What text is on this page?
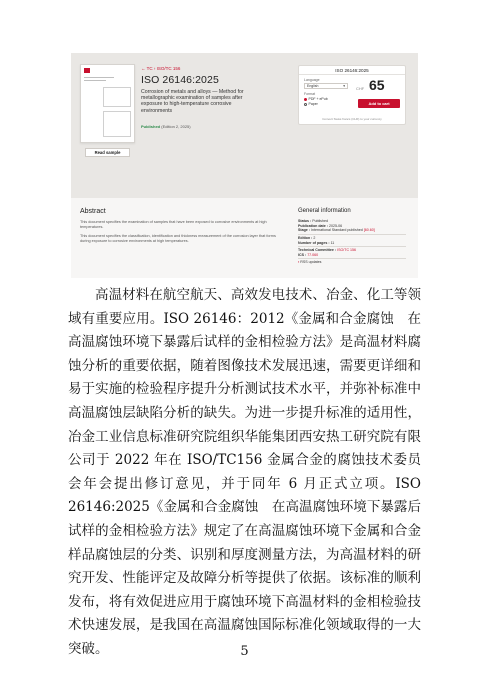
Read sample
← TC › ISO/TC 156
ISO 26146:2025
Corrosion of metals and alloys — Method for metallographic examination of samples after exposure to high-temperature corrosive environments
Published (Edition 2, 2025)
ISO 26146:2025
Language
English	▾
Format
PDF + ePub
Paper
CHF 65
Add to cart
Convert Swiss francs (CHF) to your currency
Abstract
This document specifies the examination of samples that have been exposed to corrosive environments at high temperatures.
This document specifies the classification, identification and thickness measurement of the corrosion layer that forms during exposure to corrosive environments at high temperatures.
General information
Status : Published
Publication date : 2025-06
Stage : International Standard published [60.60]
Edition : 2
Number of pages : 11
Technical Committee : ISO/TC 156
ICS : 77.060
▪ RSS updates
高温材料在航空航天、高效发电技术、冶金、化工等领域有重要应用。ISO 26146：2012《金属和合金腐蚀　在高温腐蚀环境下暴露后试样的金相检验方法》是高温材料腐蚀分析的重要依据，随着图像技术发展迅速，需要更详细和易于实施的检验程序提升分析测试技术水平，并弥补标准中高温腐蚀层缺陷分析的缺失。为进一步提升标准的适用性，冶金工业信息标准研究院组织华能集团西安热工研究院有限公司于 2022 年在 ISO/TC156 金属合金的腐蚀技术委员会年会提出修订意见，并于同年 6 月正式立项。ISO 26146:2025《金属和合金腐蚀　在高温腐蚀环境下暴露后试样的金相检验方法》规定了在高温腐蚀环境下金属和合金样品腐蚀层的分类、识别和厚度测量方法，为高温材料的研究开发、性能评定及故障分析等提供了依据。该标准的顺利发布，将有效促进应用于腐蚀环境下高温材料的金相检验技术快速发展，是我国在高温腐蚀国际标准化领域取得的一大突破。	5
